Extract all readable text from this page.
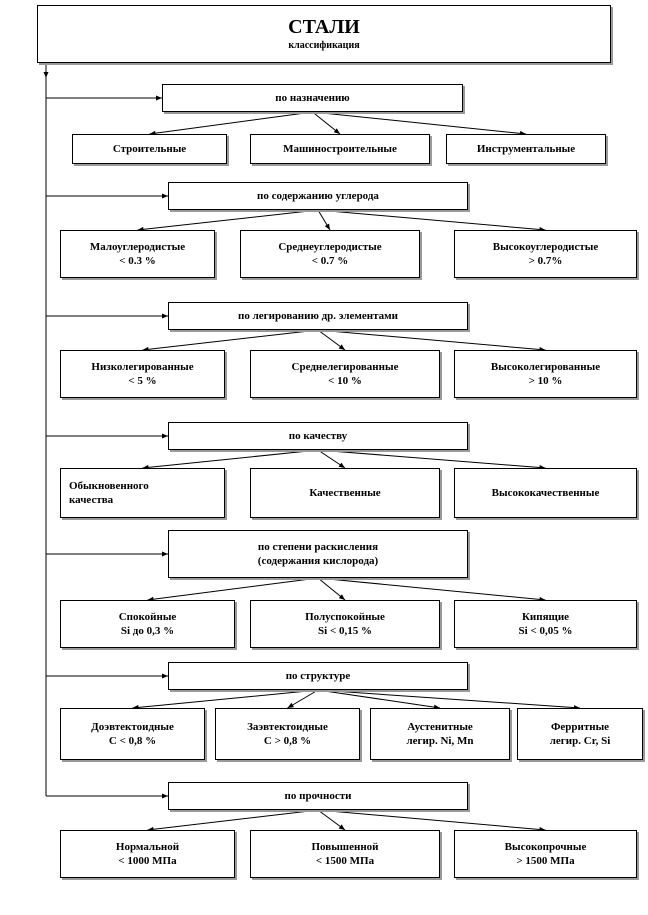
СТАЛИ
классификация
по назначению
Строительные	Машиностроительные	Инструментальные
по содержанию углерода
Малоуглеродистые
< 0.3 %
Среднеуглеродистые
< 0.7 %
Высокоуглеродистые
> 0.7%
по легированию др. элементами
Низколегированные
< 5 %
Среднелегированные
< 10 %
Высоколегированные
> 10 %
по качеству
Обыкновенного
качества
Качественные	Высококачественные
по степени раскисления
(содержания кислорода)
Спокойные
Si до 0,3 %
Полуспокойные
Si < 0,15 %
Кипящие
Si < 0,05 %
по структуре
Доэвтектоидные
C < 0,8 %
Заэвтектоидные
C > 0,8 %
Аустенитные
легир. Ni, Mn
Ферритные
легир. Cr, Si
по прочности
Нормальной
< 1000 МПа
Повышенной
< 1500 МПа
Высокопрочные
> 1500 МПа
